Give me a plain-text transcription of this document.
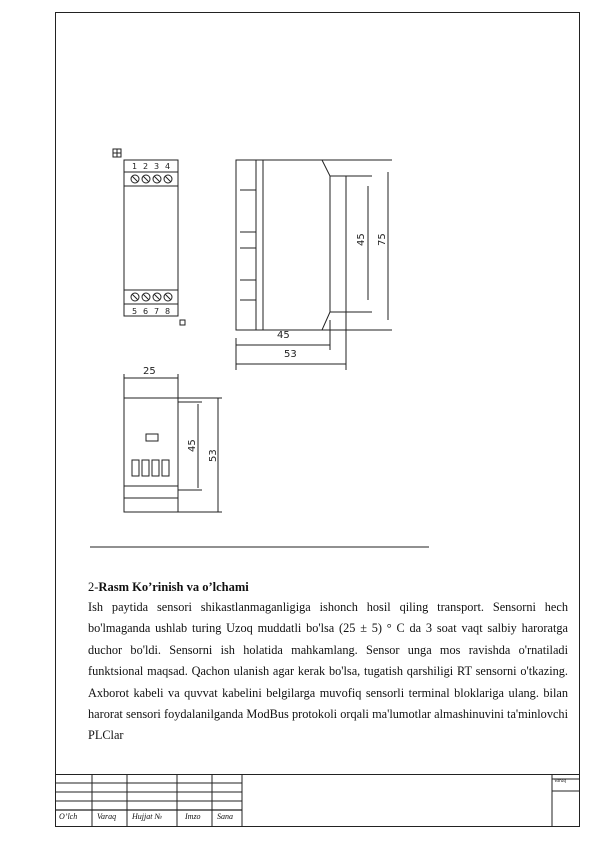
1 2 3 4
5 6 7 8
45 75
45
53
25
45
53
2-Rasm Ko’rinish va o’lchami
Ish paytida sensori shikastlanmaganligiga ishonch hosil qiling transport. Sensorni hech bo'lmaganda ushlab turing Uzoq muddatli bo'lsa (25 ± 5) ° C da 3 soat vaqt salbiy haroratga duchor bo'ldi. Sensorni ish holatida mahkamlang. Sensor unga mos ravishda o'rnatiladi funktsional maqsad. Qachon ulanish agar kerak bo'lsa, tugatish qarshiligi RT sensorni o'tkazing. Axborot kabeli va quvvat kabelini belgilarga muvofiq sensorli terminal bloklariga ulang. bilan harorat sensori foydalanilganda ModBus protokoli orqali ma'lumotlar almashinuvini ta'minlovchi PLClar
O’lch Varaq Hujjat №	Imzo Sana
Varaq
